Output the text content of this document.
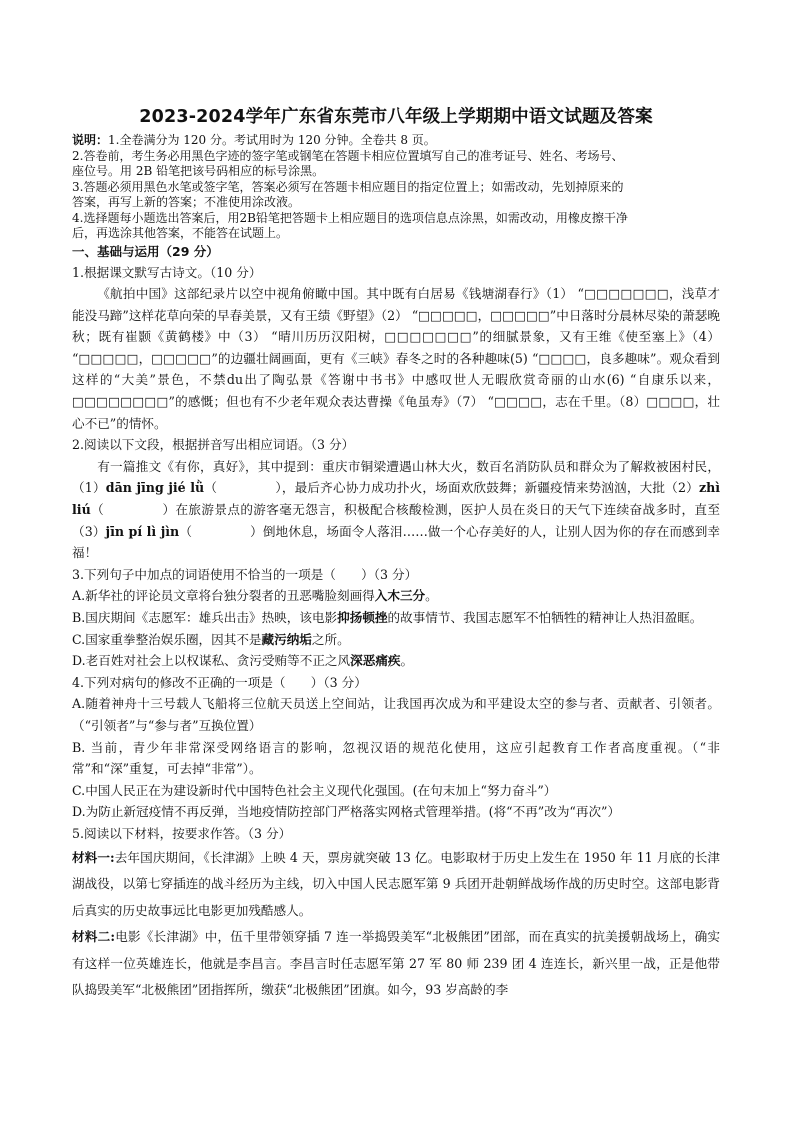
2023-2024学年广东省东莞市八年级上学期期中语文试题及答案

说明：1.全卷满分为 120 分。考试用时为 120 分钟。全卷共 8 页。

2.答卷前，考生务必用黑色字迹的签字笔或钢笔在答题卡相应位置填写自己的准考证号、姓名、考场号、

座位号。用 2B 铅笔把该号码相应的标号涂黑。

3.答题必须用黑色水笔或签字笔，答案必须写在答题卡相应题目的指定位置上；如需改动，先划掉原来的

答案，再写上新的答案；不准使用涂改液。

4.选择题每小题选出答案后，用2B铅笔把答题卡上相应题目的选项信息点涂黑，如需改动，用橡皮擦干净

后，再选涂其他答案，不能答在试题上。

一、基础与运用（29 分）

1.根据课文默写古诗文。（10 分）

《航拍中国》这部纪录片以空中视角俯瞰中国。其中既有白居易《钱塘湖春行》（1） “□□□□□□□，浅草才能没马蹄”这样花草向荣的早春美景，又有王绩《野望》（2） “□□□□□，□□□□□”中日落时分晨林尽染的萧瑟晚秋；既有崔颢《黄鹤楼》中（3） “晴川历历汉阳树，□□□□□□□”的细腻景象，又有王维《使至塞上》（4） “□□□□□，□□□□□”的边疆壮阔画面，更有《三峡》春冬之时的各种趣味(5) “□□□□，良多趣味”。观众看到这样的“大美”景色，不禁du出了陶弘景《答谢中书书》中感叹世人无暇欣赏奇丽的山水(6) “自康乐以来，□□□□□□□□”的感慨；但也有不少老年观众表达曹操《龟虽寿》（7） “□□□□，志在千里。（8）□□□□，壮心不已”的情怀。

2.阅读以下文段，根据拼音写出相应词语。（3 分）

有一篇推文《有你，真好》，其中提到：重庆市铜梁遭遇山林大火，数百名消防队员和群众为了解救被困村民，（1）dān jīng jié lǜ（	），最后齐心协力成功扑火，场面欢欣鼓舞；新疆疫情来势汹汹，大批（2）zhì liú（	）在旅游景点的游客毫无怨言，积极配合核酸检测，医护人员在炎日的天气下连续奋战多时，直至（3）jīn pí lì jìn（	）倒地休息，场面令人落泪……做一个心存美好的人，让别人因为你的存在而感到幸福！

3.下列句子中加点的词语使用不恰当的一项是（　　）（3 分）

A.新华社的评论员文章将台独分裂者的丑恶嘴脸刻画得入木三分。

B.国庆期间《志愿军：雄兵出击》热映，该电影抑扬顿挫的故事情节、我国志愿军不怕牺牲的精神让人热泪盈眶。

C.国家重拳整治娱乐圈，因其不是藏污纳垢之所。

D.老百姓对社会上以权谋私、贪污受贿等不正之风深恶痛疾。

4.下列对病句的修改不正确的一项是（　　）（3 分）

A.随着神舟十三号载人飞船将三位航天员送上空间站，让我国再次成为和平建设太空的参与者、贡献者、引领者。（“引领者”与“参与者”互换位置）

B. 当前，青少年非常深受网络语言的影响，忽视汉语的规范化使用，这应引起教育工作者高度重视。（“非常”和“深”重复，可去掉“非常”）。

C.中国人民正在为建设新时代中国特色社会主义现代化强国。(在句末加上“努力奋斗”）

D.为防止新冠疫情不再反弹，当地疫情防控部门严格落实网格式管理举措。(将“不再”改为“再次”）

5.阅读以下材料，按要求作答。（3 分）

材料一:去年国庆期间，《长津湖》上映 4 天，票房就突破 13 亿。电影取材于历史上发生在 1950 年 11 月底的长津湖战役，以第七穿插连的战斗经历为主线，切入中国人民志愿军第 9 兵团开赴朝鲜战场作战的历史时空。这部电影背后真实的历史故事远比电影更加残酷感人。

材料二:电影《长津湖》中，伍千里带领穿插 7 连一举捣毁美军“北极熊团”团部，而在真实的抗美援朝战场上，确实有这样一位英雄连长，他就是李昌言。李昌言时任志愿军第 27 军 80 师 239 团 4 连连长，新兴里一战，正是他带队捣毁美军“北极熊团”团指挥所，缴获“北极熊团”团旗。如今，93 岁高龄的李
